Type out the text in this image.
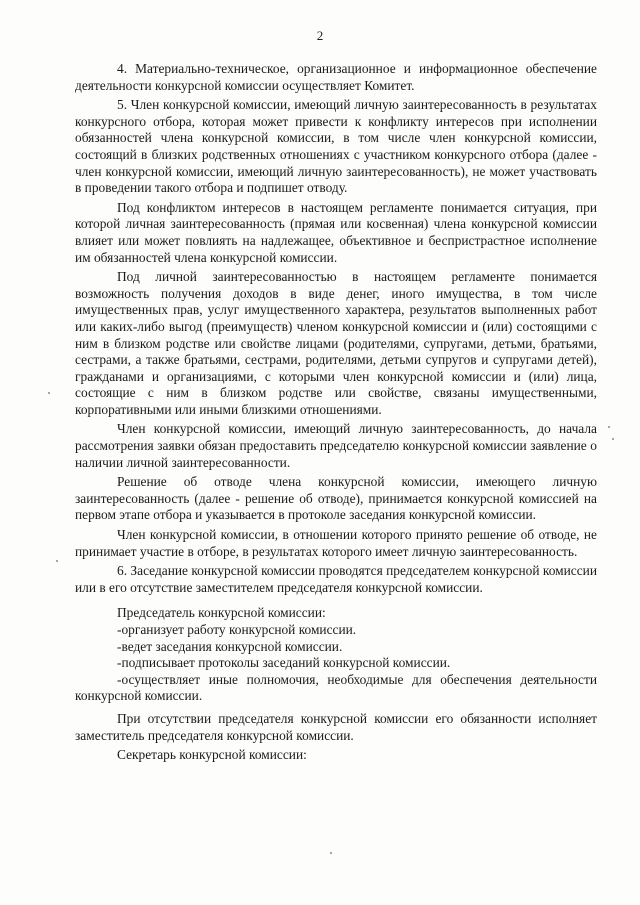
2

4. Материально-техническое, организационное и информационное обеспечение деятельности конкурсной комиссии осуществляет Комитет.

5. Член конкурсной комиссии, имеющий личную заинтересованность в результатах конкурсного отбора, которая может привести к конфликту интересов при исполнении обязанностей члена конкурсной комиссии, в том числе член конкурсной комиссии, состоящий в близких родственных отношениях с участником конкурсного отбора (далее - член конкурсной комиссии, имеющий личную заинтересованность), не может участвовать в проведении такого отбора и подпишет отводу.

Под конфликтом интересов в настоящем регламенте понимается ситуация, при которой личная заинтересованность (прямая или косвенная) члена конкурсной комиссии влияет или может повлиять на надлежащее, объективное и беспристрастное исполнение им обязанностей члена конкурсной комиссии.

Под личной заинтересованностью в настоящем регламенте понимается возможность получения доходов в виде денег, иного имущества, в том числе имущественных прав, услуг имущественного характера, результатов выполненных работ или каких-либо выгод (преимуществ) членом конкурсной комиссии и (или) состоящими с ним в близком родстве или свойстве лицами (родителями, супругами, детьми, братьями, сестрами, а также братьями, сестрами, родителями, детьми супругов и супругами детей), гражданами и организациями, с которыми член конкурсной комиссии и (или) лица, состоящие с ним в близком родстве или свойстве, связаны имущественными, корпоративными или иными близкими отношениями.

Член конкурсной комиссии, имеющий личную заинтересованность, до начала рассмотрения заявки обязан предоставить председателю конкурсной комиссии заявление о наличии личной заинтересованности.

Решение об отводе члена конкурсной комиссии, имеющего личную заинтересованность (далее - решение об отводе), принимается конкурсной комиссией на первом этапе отбора и указывается в протоколе заседания конкурсной комиссии.

Член конкурсной комиссии, в отношении которого принято решение об отводе, не принимает участие в отборе, в результатах которого имеет личную заинтересованность.

6. Заседание конкурсной комиссии проводятся председателем конкурсной комиссии или в его отсутствие заместителем председателя конкурсной комиссии.

Председатель конкурсной комиссии:

-организует работу конкурсной комиссии.

-ведет заседания конкурсной комиссии.

-подписывает протоколы заседаний конкурсной комиссии.

-осуществляет иные полномочия, необходимые для обеспечения деятельности конкурсной комиссии.

При отсутствии председателя конкурсной комиссии его обязанности исполняет заместитель председателя конкурсной комиссии.

Секретарь конкурсной комиссии:
